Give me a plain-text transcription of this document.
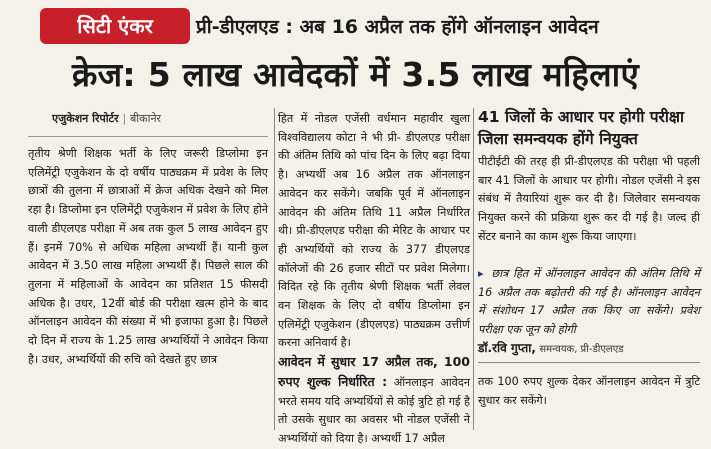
सिटी एंकर	प्री-डीएलएड : अब 16 अप्रैल तक होंगे ऑनलाइन आवेदन
क्रेज: 5 लाख आवेदकों में 3.5 लाख महिलाएं
एजुकेशन रिपोर्टर | बीकानेर

तृतीय श्रेणी शिक्षक भर्ती के लिए जरूरी डिप्लोमा इन एलिमेंट्री एजुकेशन के दो वर्षीय पाठ्यक्रम में प्रवेश के लिए छात्रों की तुलना में छात्राओं में क्रेज अधिक देखने को मिल रहा है। डिप्लोमा इन एलिमेंट्री एजुकेशन में प्रवेश के लिए होने वाली डीएलएड परीक्षा में अब तक कुल 5 लाख आवेदन हुए हैं। इनमें 70% से अधिक महिला अभ्यर्थी हैं। यानी कुल आवेदन में 3.50 लाख महिला अभ्यर्थी हैं। पिछले साल की तुलना में महिलाओं के आवेदन का प्रतिशत 15 फीसदी अधिक है। उधर, 12वीं बोर्ड की परीक्षा खत्म होने के बाद ऑनलाइन आवेदन की संख्या में भी इजाफा हुआ है। पिछले दो दिन में राज्य के 1.25 लाख अभ्यर्थियों ने आवेदन किया है। उधर, अभ्यर्थियों की रुचि को देखते हुए छात्र

हित में नोडल एजेंसी वर्धमान महावीर खुला विश्वविद्यालय कोटा ने भी प्री- डीएलएड परीक्षा की अंतिम तिथि को पांच दिन के लिए बढ़ा दिया है। अभ्यर्थी अब 16 अप्रैल तक ऑनलाइन आवेदन कर सकेंगे। जबकि पूर्व में ऑनलाइन आवेदन की अंतिम तिथि 11 अप्रैल निर्धारित थी। प्री-डीएलएड परीक्षा की मेरिट के आधार पर ही अभ्यर्थियों को राज्य के 377 डीएलएड कॉलेजों की 26 हजार सीटों पर प्रवेश मिलेगा। विदित रहे कि तृतीय श्रेणी शिक्षक भर्ती लेवल वन शिक्षक के लिए दो वर्षीय डिप्लोमा इन एलिमेंट्री एजुकेशन (डीएलएड) पाठ्यक्रम उत्तीर्ण करना अनिवार्य है।

आवेदन में सुधार 17 अप्रैल तक, 100 रुपए शुल्क निर्धारित : ऑनलाइन आवेदन भरते समय यदि अभ्यर्थियों से कोई त्रुटि हो गई है तो उसके सुधार का अवसर भी नोडल एजेंसी ने अभ्यर्थियों को दिया है। अभ्यर्थी 17 अप्रैल

41 जिलों के आधार पर होगी परीक्षा
जिला समन्वयक होंगे नियुक्त

पीटीईटी की तरह ही प्री-डीएलएड की परीक्षा भी पहली बार 41 जिलों के आधार पर होगी। नोडल एजेंसी ने इस संबंध में तैयारियां शुरू कर दी है। जिलेवार समन्वयक नियुक्त करने की प्रक्रिया शुरू कर दी गई है। जल्द ही सेंटर बनाने का काम शुरू किया जाएगा।

▸ छात्र हित में ऑनलाइन आवेदन की अंतिम तिथि में 16 अप्रैल तक बढ़ोतरी की गई है। ऑनलाइन आवेदन में संशोधन 17 अप्रैल तक किए जा सकेंगे। प्रवेश परीक्षा एक जून को होगी

डॉ.रवि गुप्ता, समन्वयक, प्री-डीएलएड

तक 100 रुपए शुल्क देकर ऑनलाइन आवेदन में त्रुटि सुधार कर सकेंगे।
